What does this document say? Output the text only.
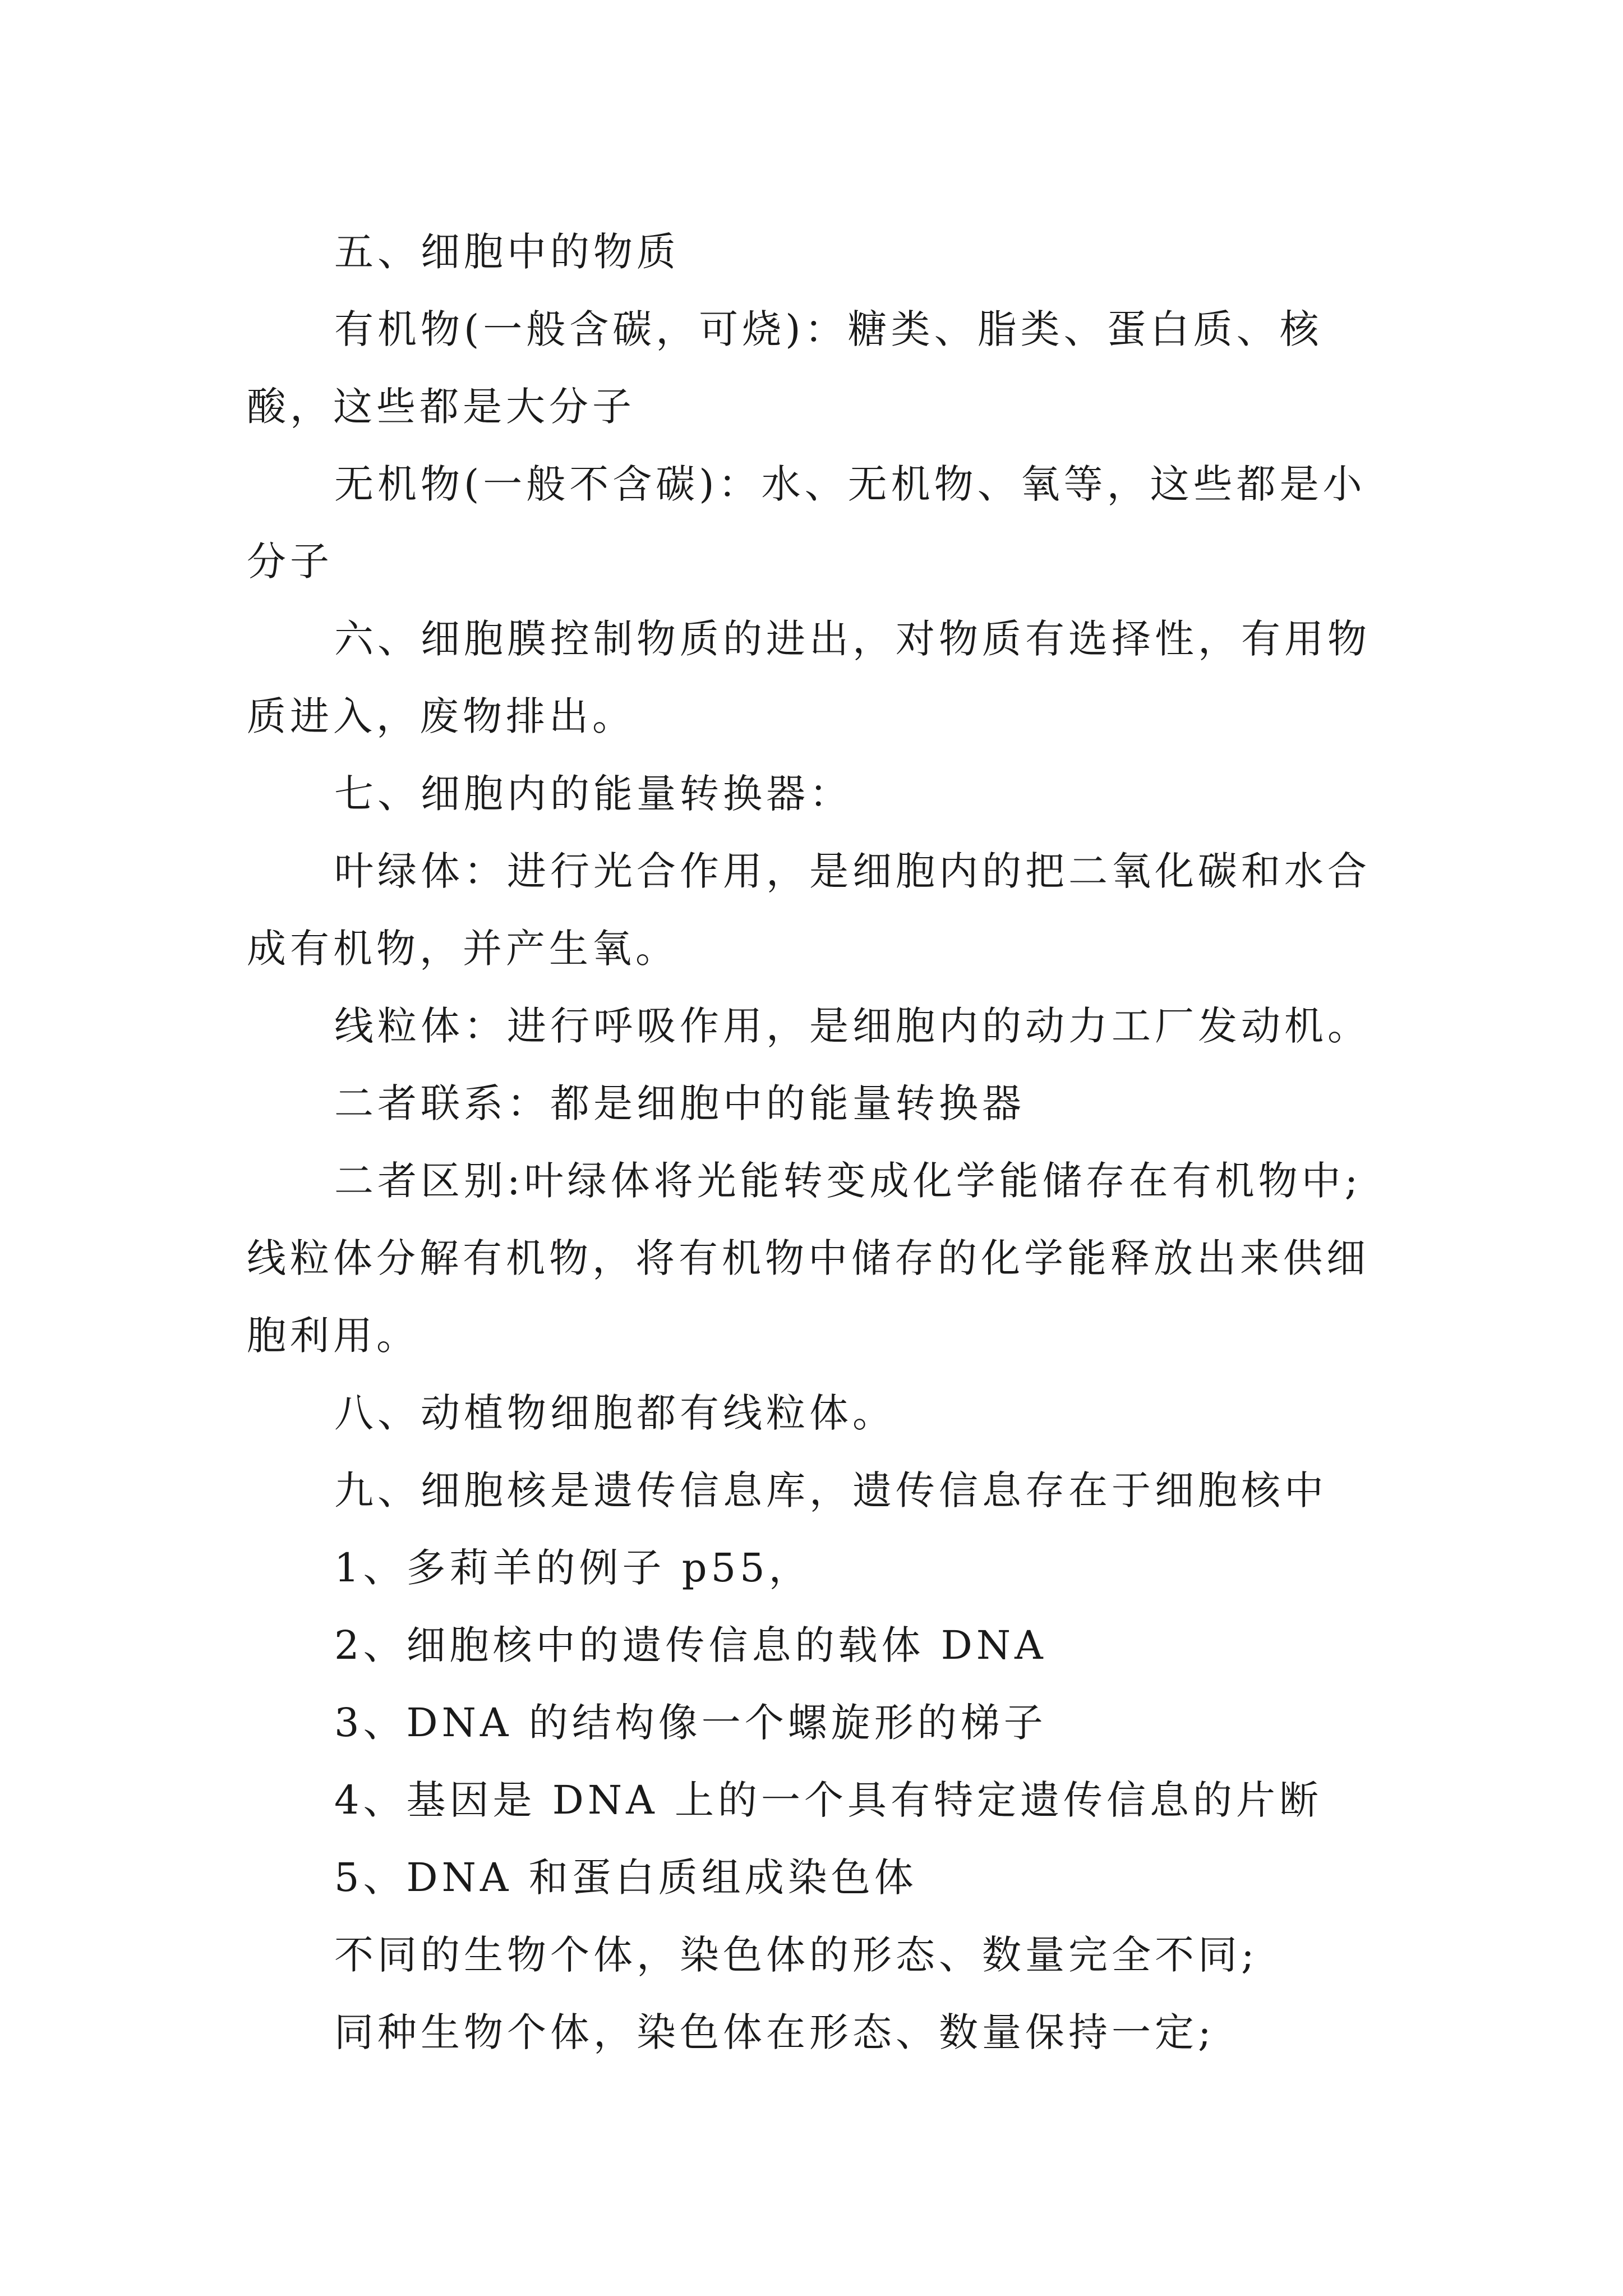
五、细胞中的物质

有机物(一般含碳，可烧)：糖类、脂类、蛋白质、核酸，这些都是大分子

无机物(一般不含碳)：水、无机物、氧等，这些都是小分子

六、细胞膜控制物质的进出，对物质有选择性，有用物质进入，废物排出。

七、细胞内的能量转换器：

叶绿体：进行光合作用，是细胞内的把二氧化碳和水合成有机物，并产生氧。

线粒体：进行呼吸作用，是细胞内的动力工厂发动机。

二者联系：都是细胞中的能量转换器

二者区别:叶绿体将光能转变成化学能储存在有机物中;线粒体分解有机物，将有机物中储存的化学能释放出来供细胞利用。

八、动植物细胞都有线粒体。

九、细胞核是遗传信息库，遗传信息存在于细胞核中

1、多莉羊的例子 p55，

2、细胞核中的遗传信息的载体 DNA

3、DNA 的结构像一个螺旋形的梯子

4、基因是 DNA 上的一个具有特定遗传信息的片断

5、DNA 和蛋白质组成染色体

不同的生物个体，染色体的形态、数量完全不同;

同种生物个体，染色体在形态、数量保持一定;
